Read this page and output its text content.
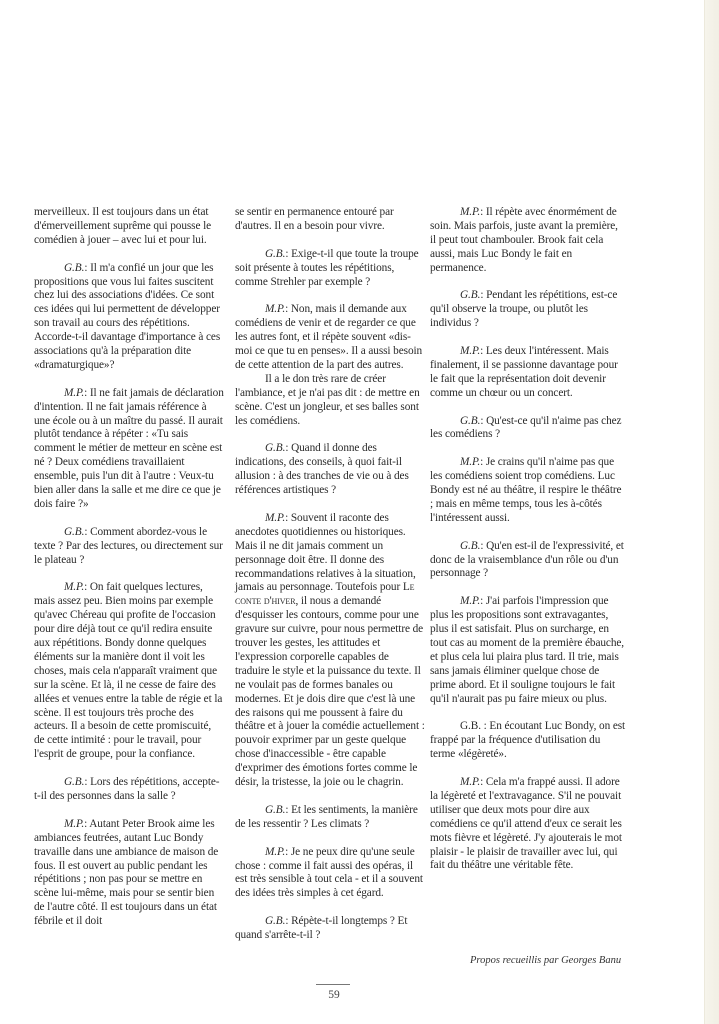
merveilleux. Il est toujours dans un état d'émerveillement suprême qui pousse le comédien à jouer – avec lui et pour lui.

G.B.: Il m'a confié un jour que les propositions que vous lui faites suscitent chez lui des associations d'idées. Ce sont ces idées qui lui permettent de développer son travail au cours des répétitions. Accorde-t-il davantage d'importance à ces associations qu'à la préparation dite «dramaturgique»?

M.P.: Il ne fait jamais de déclaration d'intention. Il ne fait jamais référence à une école ou à un maître du passé. Il aurait plutôt tendance à répéter : «Tu sais comment le métier de metteur en scène est né ? Deux comédiens travaillaient ensemble, puis l'un dit à l'autre : Veux-tu bien aller dans la salle et me dire ce que je dois faire ?»

G.B.: Comment abordez-vous le texte ? Par des lectures, ou directement sur le plateau ?

M.P.: On fait quelques lectures, mais assez peu. Bien moins par exemple qu'avec Chéreau qui profite de l'occasion pour dire déjà tout ce qu'il redira ensuite aux répétitions. Bondy donne quelques éléments sur la manière dont il voit les choses, mais cela n'apparaît vraiment que sur la scène. Et là, il ne cesse de faire des allées et venues entre la table de régie et la scène. Il est toujours très proche des acteurs. Il a besoin de cette promiscuité, de cette intimité : pour le travail, pour l'esprit de groupe, pour la confiance.

G.B.: Lors des répétitions, accepte-t-il des personnes dans la salle ?

M.P.: Autant Peter Brook aime les ambiances feutrées, autant Luc Bondy travaille dans une ambiance de maison de fous. Il est ouvert au public pendant les répétitions ; non pas pour se mettre en scène lui-même, mais pour se sentir bien de l'autre côté. Il est toujours dans un état fébrile et il doit

se sentir en permanence entouré par d'autres. Il en a besoin pour vivre.

G.B.: Exige-t-il que toute la troupe soit présente à toutes les répétitions, comme Strehler par exemple ?

M.P.: Non, mais il demande aux comédiens de venir et de regarder ce que les autres font, et il répète souvent «dis-moi ce que tu en penses». Il a aussi besoin de cette attention de la part des autres.

Il a le don très rare de créer l'ambiance, et je n'ai pas dit : de mettre en scène. C'est un jongleur, et ses balles sont les comédiens.

G.B.: Quand il donne des indications, des conseils, à quoi fait-il allusion : à des tranches de vie ou à des références artistiques ?

M.P.: Souvent il raconte des anecdotes quotidiennes ou historiques. Mais il ne dit jamais comment un personnage doit être. Il donne des recommandations relatives à la situation, jamais au personnage. Toutefois pour Le conte d'hiver, il nous a demandé d'esquisser les contours, comme pour une gravure sur cuivre, pour nous permettre de trouver les gestes, les attitudes et l'expression corporelle capables de traduire le style et la puissance du texte. Il ne voulait pas de formes banales ou modernes. Et je dois dire que c'est là une des raisons qui me poussent à faire du théâtre et à jouer la comédie actuellement : pouvoir exprimer par un geste quelque chose d'inaccessible - être capable d'exprimer des émotions fortes comme le désir, la tristesse, la joie ou le chagrin.

G.B.: Et les sentiments, la manière de les ressentir ? Les climats ?

M.P.: Je ne peux dire qu'une seule chose : comme il fait aussi des opéras, il est très sensible à tout cela - et il a souvent des idées très simples à cet égard.

G.B.: Répète-t-il longtemps ? Et quand s'arrête-t-il ?

M.P.: Il répète avec énormément de soin. Mais parfois, juste avant la première, il peut tout chambouler. Brook fait cela aussi, mais Luc Bondy le fait en permanence.

G.B.: Pendant les répétitions, est-ce qu'il observe la troupe, ou plutôt les individus ?

M.P.: Les deux l'intéressent. Mais finalement, il se passionne davantage pour le fait que la représentation doit devenir comme un chœur ou un concert.

G.B.: Qu'est-ce qu'il n'aime pas chez les comédiens ?

M.P.: Je crains qu'il n'aime pas que les comédiens soient trop comédiens. Luc Bondy est né au théâtre, il respire le théâtre ; mais en même temps, tous les à-côtés l'intéressent aussi.

G.B.: Qu'en est-il de l'expressivité, et donc de la vraisemblance d'un rôle ou d'un personnage ?

M.P.: J'ai parfois l'impression que plus les propositions sont extravagantes, plus il est satisfait. Plus on surcharge, en tout cas au moment de la première ébauche, et plus cela lui plaira plus tard. Il trie, mais sans jamais éliminer quelque chose de prime abord. Et il souligne toujours le fait qu'il n'aurait pas pu faire mieux ou plus.

G.B. : En écoutant Luc Bondy, on est frappé par la fréquence d'utilisation du terme «légèreté».

M.P.: Cela m'a frappé aussi. Il adore la légèreté et l'extravagance. S'il ne pouvait utiliser que deux mots pour dire aux comédiens ce qu'il attend d'eux ce serait les mots fièvre et légèreté. J'y ajouterais le mot plaisir - le plaisir de travailler avec lui, qui fait du théâtre une véritable fête.

Propos recueillis par Georges Banu
59
